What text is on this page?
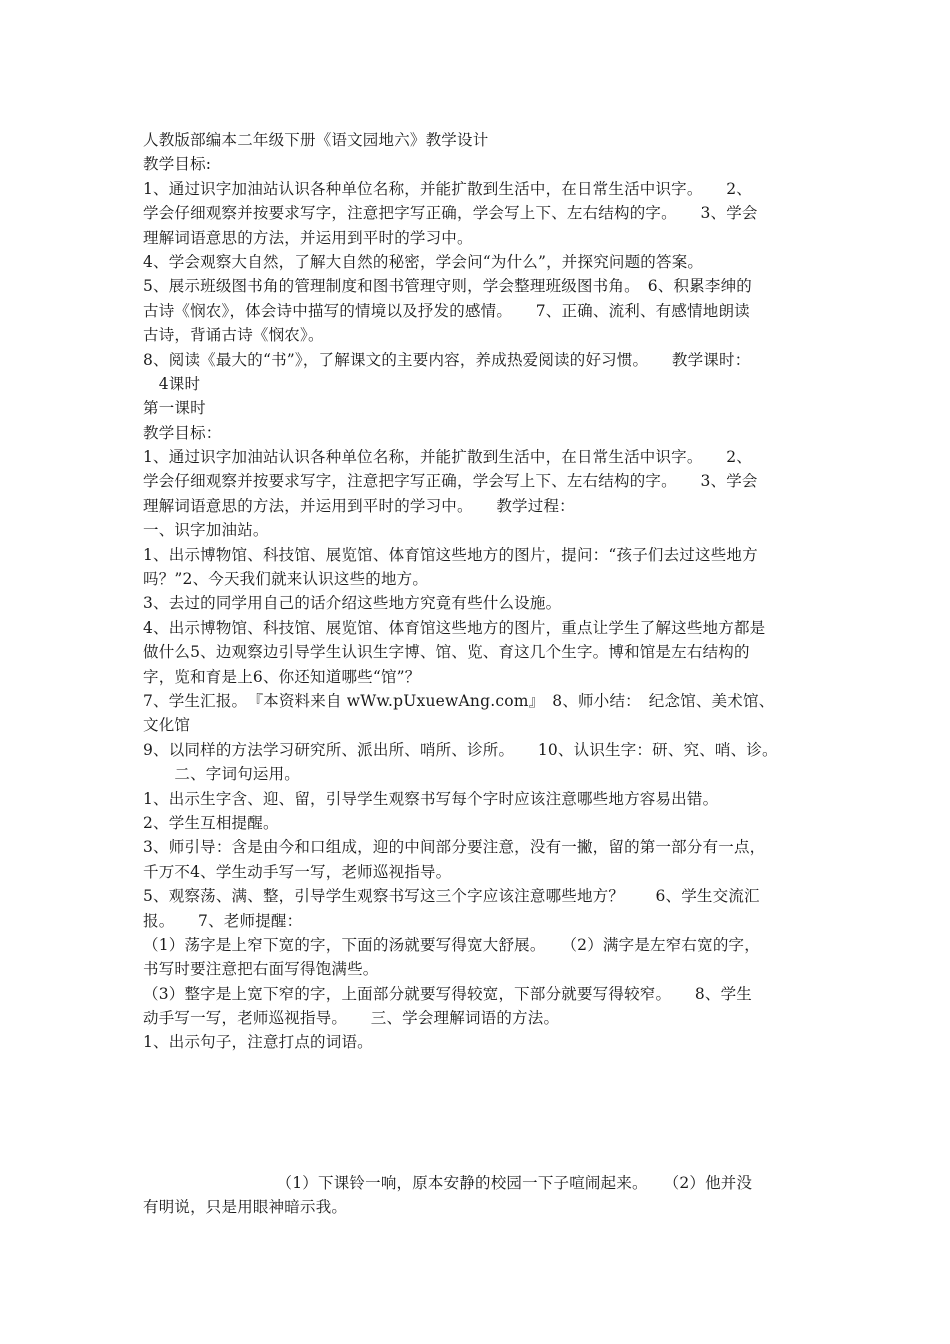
人教版部编本二年级下册《语文园地六》教学设计
教学目标:
1、通过识字加油站认识各种单位名称，并能扩散到生活中，在日常生活中识字。　　2、
学会仔细观察并按要求写字，注意把字写正确，学会写上下、左右结构的字。　　3、学会
理解词语意思的方法，并运用到平时的学习中。
4、学会观察大自然，了解大自然的秘密，学会问“为什么”，并探究问题的答案。
5、展示班级图书角的管理制度和图书管理守则，学会整理班级图书角。　6、积累李绅的
古诗《悯农》，体会诗中描写的情境以及抒发的感情。　　7、正确、流利、有感情地朗读
古诗，背诵古诗《悯农》。
8、阅读《最大的“书”》，了解课文的主要内容，养成热爱阅读的好习惯。　　教学课时：
　4课时
第一课时
教学目标：
1、通过识字加油站认识各种单位名称，并能扩散到生活中，在日常生活中识字。　　2、
学会仔细观察并按要求写字，注意把字写正确，学会写上下、左右结构的字。　　3、学会
理解词语意思的方法，并运用到平时的学习中。　　教学过程：
一、识字加油站。
1、出示博物馆、科技馆、展览馆、体育馆这些地方的图片，提问：“孩子们去过这些地方
吗？”2、今天我们就来认识这些的地方。
3、去过的同学用自己的话介绍这些地方究竟有些什么设施。
4、出示博物馆、科技馆、展览馆、体育馆这些地方的图片，重点让学生了解这些地方都是
做什么5、边观察边引导学生认识生字博、馆、览、育这几个生字。博和馆是左右结构的
字，览和育是上6、你还知道哪些“馆”？
7、学生汇报。　『本资料来自 wWw.pUxuewAng.com』　8、师小结：　纪念馆、美术馆、
文化馆
9、以同样的方法学习研究所、派出所、哨所、诊所。　　10、认识生字：研、究、哨、诊。
　　二、字词句运用。
1、出示生字含、迎、留，引导学生观察书写每个字时应该注意哪些地方容易出错。
2、学生互相提醒。
3、师引导：含是由今和口组成，迎的中间部分要注意，没有一撇，留的第一部分有一点，
千万不4、学生动手写一写，老师巡视指导。
5、观察荡、满、整，引导学生观察书写这三个字应该注意哪些地方？　　6、学生交流汇
报。　　7、老师提醒：
（1）荡字是上窄下宽的字，下面的汤就要写得宽大舒展。　　（2）满字是左窄右宽的字，
书写时要注意把右面写得饱满些。
（3）整字是上宽下窄的字，上面部分就要写得较宽，下部分就要写得较窄。　　8、学生
动手写一写，老师巡视指导。　　三、学会理解词语的方法。
1、出示句子，注意打点的词语。
　　　　　　　　　（1）下课铃一响，原本安静的校园一下子喧闹起来。　　（2）他并没
有明说，只是用眼神暗示我。
